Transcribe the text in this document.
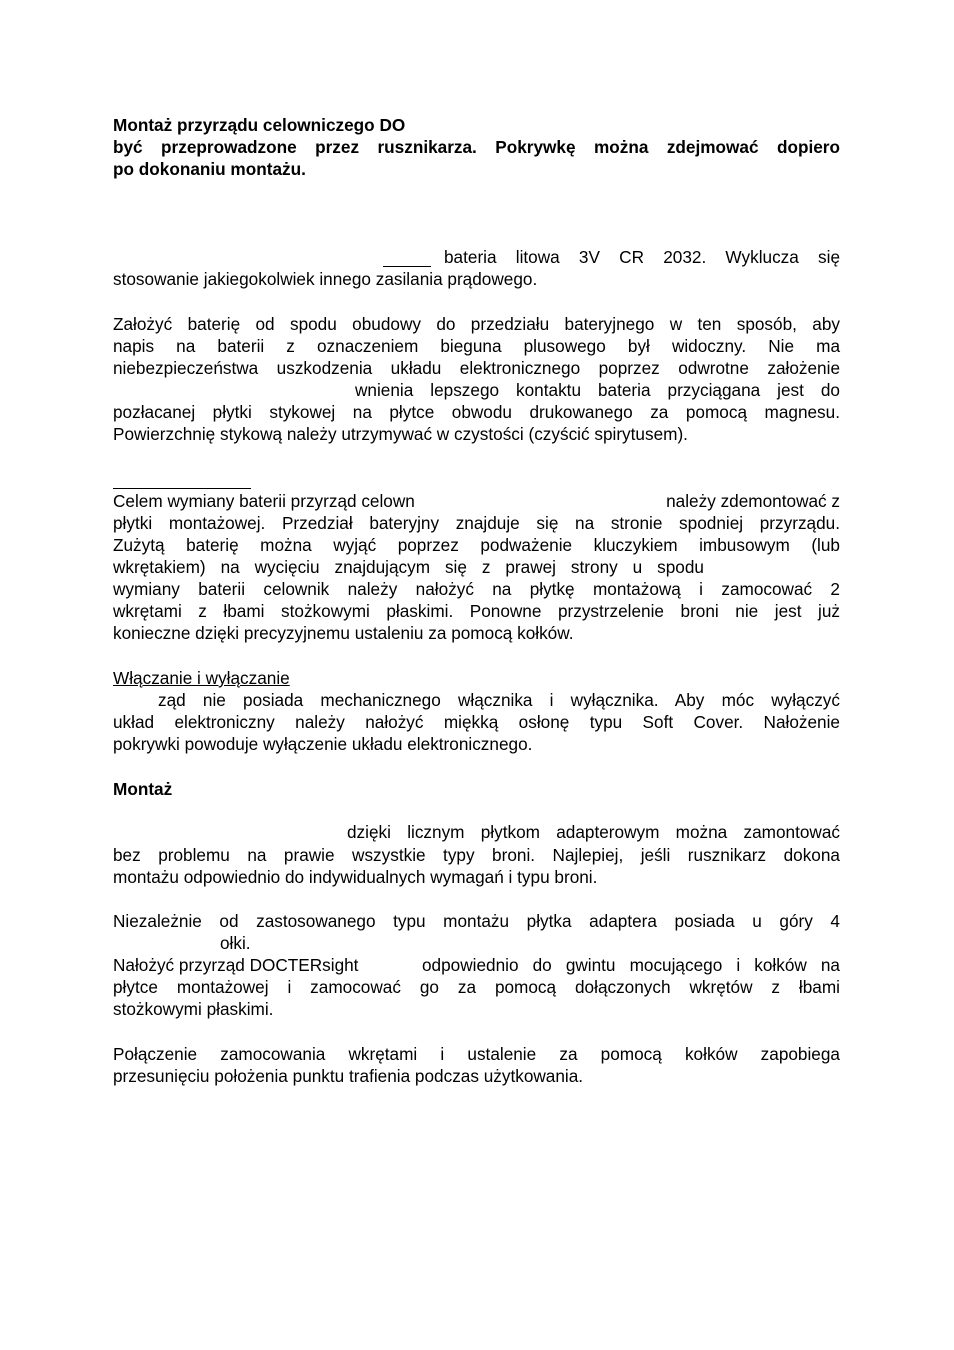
Montaż przyrządu celowniczego DO
być przeprowadzone przez rusznikarza. Pokrywkę można zdejmować dopiero
po dokonaniu montażu.
bateria litowa 3V CR 2032. Wyklucza się
stosowanie jakiegokolwiek innego zasilania prądowego.
Założyć baterię od spodu obudowy do przedziału bateryjnego w ten sposób, aby
napis na baterii z oznaczeniem bieguna plusowego był widoczny. Nie ma
niebezpieczeństwa uszkodzenia układu elektronicznego poprzez odwrotne założenie
wnienia lepszego kontaktu bateria przyciągana jest do
pozłacanej płytki stykowej na płytce obwodu drukowanego za pomocą magnesu.
Powierzchnię stykową należy utrzymywać w czystości (czyścić spirytusem).
Celem wymiany baterii przyrząd celown	należy zdemontować z
płytki montażowej. Przedział bateryjny znajduje się na stronie spodniej przyrządu.
Zużytą baterię można wyjąć poprzez podważenie kluczykiem imbusowym (lub
wkrętakiem) na wycięciu znajdującym się z prawej strony u spodu
wymiany baterii celownik należy nałożyć na płytkę montażową i zamocować 2
wkrętami z łbami stożkowymi płaskimi. Ponowne przystrzelenie broni nie jest już
konieczne dzięki precyzyjnemu ustaleniu za pomocą kołków.
Włączanie i wyłączanie
ząd nie posiada mechanicznego włącznika i wyłącznika. Aby móc wyłączyć
układ elektroniczny należy nałożyć miękką osłonę typu Soft Cover. Nałożenie
pokrywki powoduje wyłączenie układu elektronicznego.
Montaż
dzięki licznym płytkom adapterowym można zamontować
bez problemu na prawie wszystkie typy broni. Najlepiej, jeśli rusznikarz dokona
montażu odpowiednio do indywidualnych wymagań i typu broni.
Niezależnie od zastosowanego typu montażu płytka adaptera posiada u góry 4
ołki.
Nałożyć przyrząd DOCTERsight	odpowiednio do gwintu mocującego i kołków na
płytce montażowej i zamocować go za pomocą dołączonych wkrętów z łbami
stożkowymi płaskimi.
Połączenie zamocowania wkrętami i ustalenie za pomocą kołków zapobiega
przesunięciu położenia punktu trafienia podczas użytkowania.
